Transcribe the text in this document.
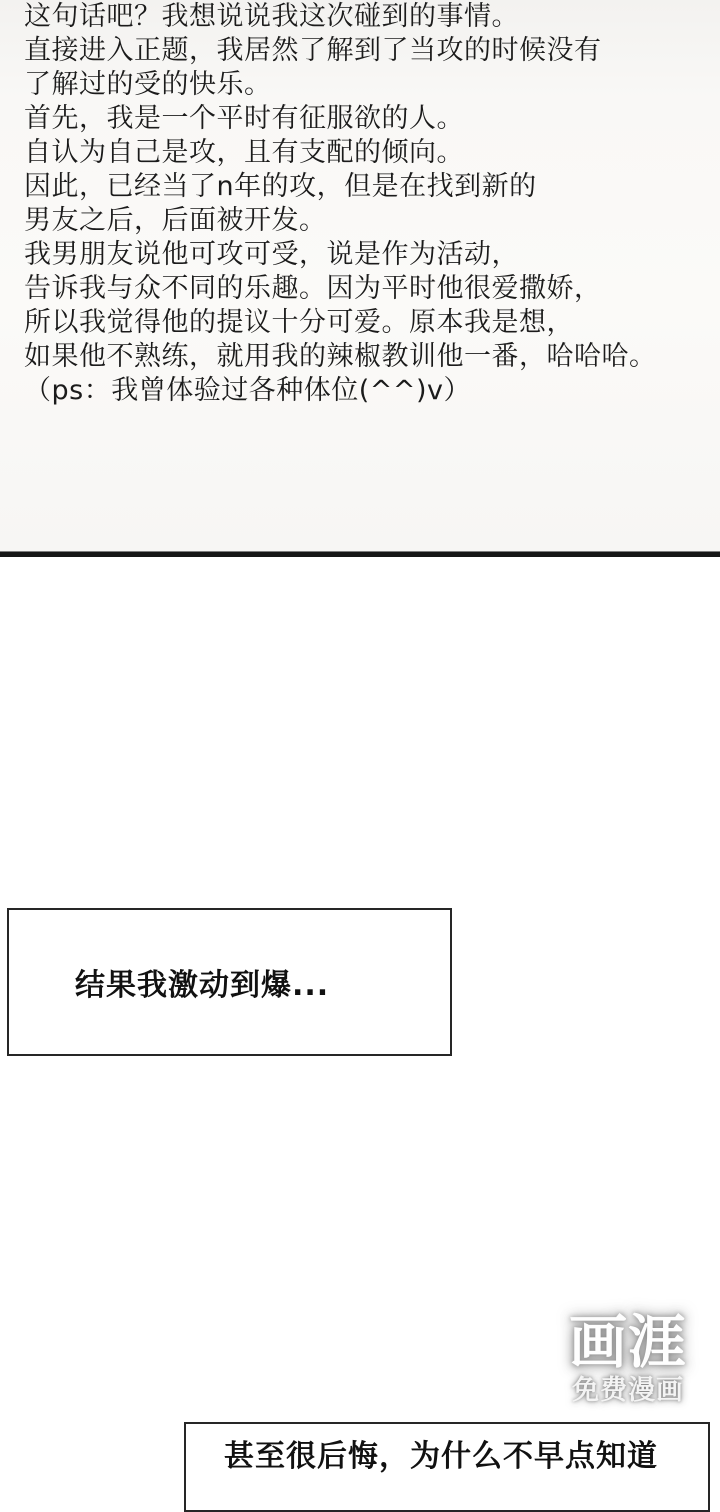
这句话吧？我想说说我这次碰到的事情。

直接进入正题，我居然了解到了当攻的时候没有
了解过的受的快乐。

首先，我是一个平时有征服欲的人。
自认为自己是攻，且有支配的倾向。
因此，已经当了n年的攻，但是在找到新的
男友之后，后面被开发。

我男朋友说他可攻可受，说是作为活动，
告诉我与众不同的乐趣。因为平时他很爱撒娇，
所以我觉得他的提议十分可爱。原本我是想，
如果他不熟练，就用我的辣椒教训他一番，哈哈哈。

（ps：我曾体验过各种体位(^^)v）

结果我激动到爆...
画涯
免费漫画
甚至很后悔，为什么不早点知道
